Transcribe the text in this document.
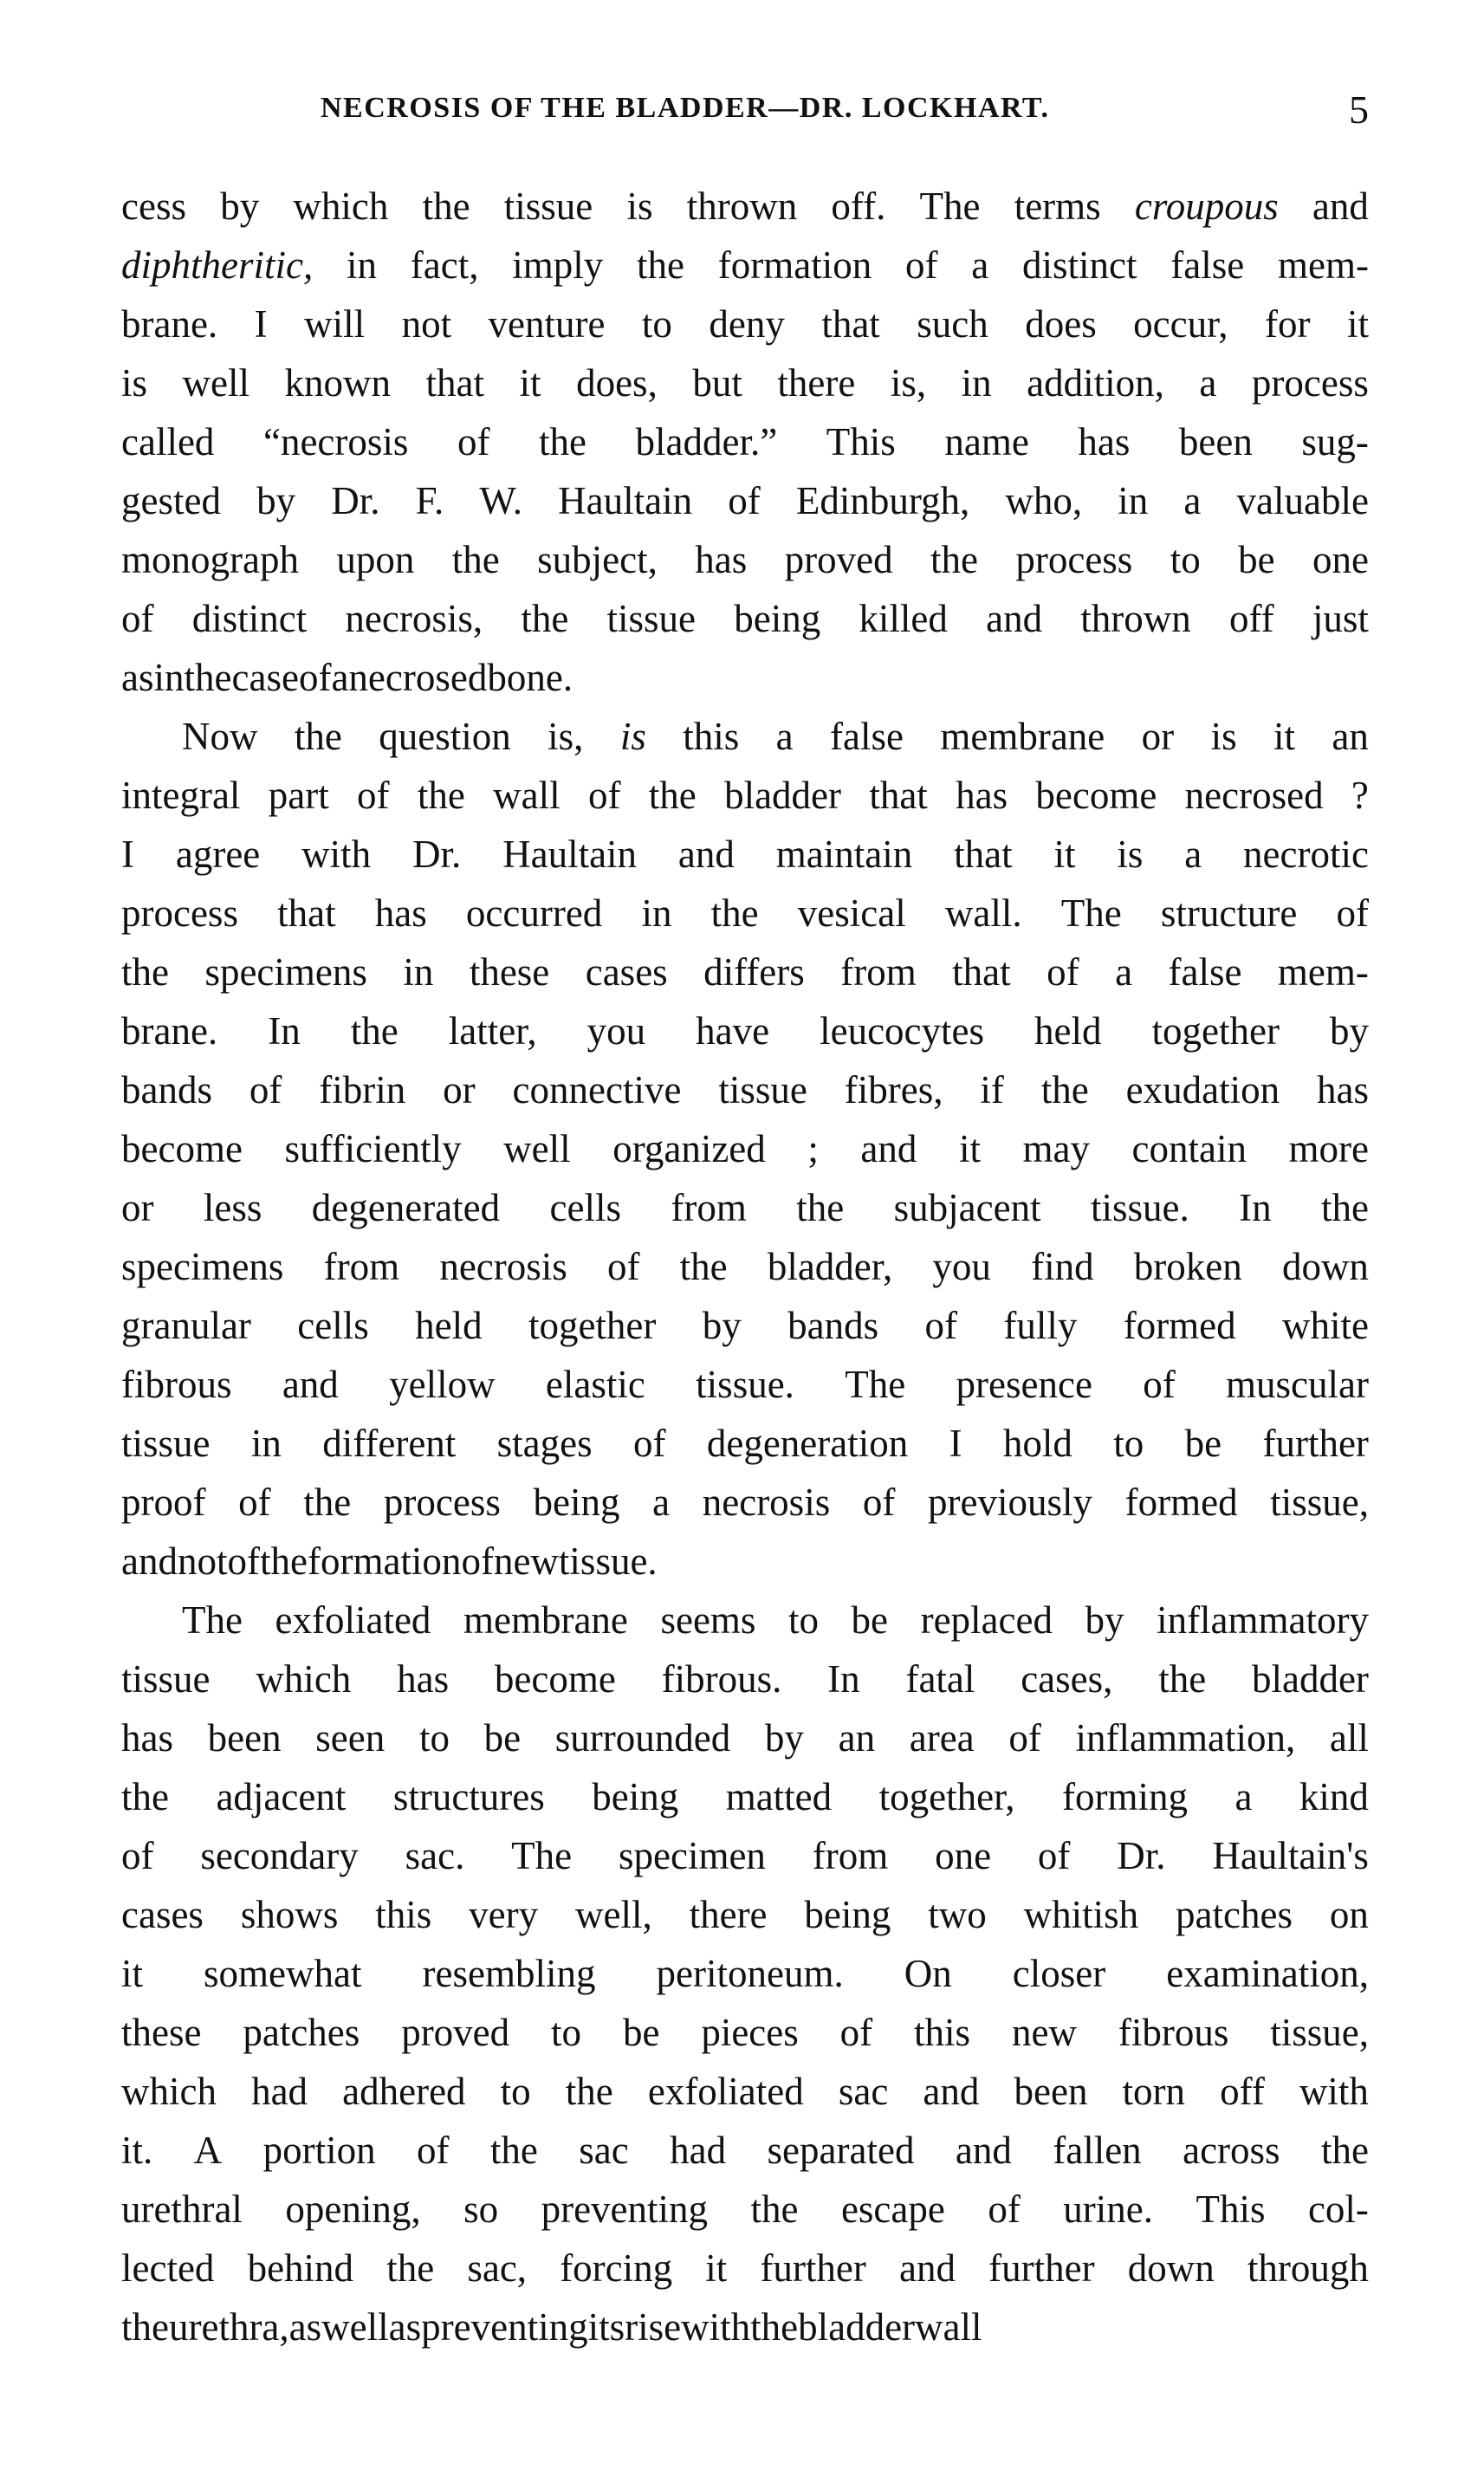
NECROSIS OF THE BLADDER—DR. LOCKHART.	5
cess by which the tissue is thrown off. The terms croupous and
diphtheritic, in fact, imply the formation of a distinct false mem-
brane. I will not venture to deny that such does occur, for it
is well known that it does, but there is, in addition, a process
called “necrosis of the bladder.” This name has been sug-
gested by Dr. F. W. Haultain of Edinburgh, who, in a valuable
monograph upon the subject, has proved the process to be one
of distinct necrosis, the tissue being killed and thrown off just
as in the case of a necrosed bone.
Now the question is, is this a false membrane or is it an
integral part of the wall of the bladder that has become necrosed ?
I agree with Dr. Haultain and maintain that it is a necrotic
process that has occurred in the vesical wall. The structure of
the specimens in these cases differs from that of a false mem-
brane. In the latter, you have leucocytes held together by
bands of fibrin or connective tissue fibres, if the exudation has
become sufficiently well organized ; and it may contain more
or less degenerated cells from the subjacent tissue. In the
specimens from necrosis of the bladder, you find broken down
granular cells held together by bands of fully formed white
fibrous and yellow elastic tissue. The presence of muscular
tissue in different stages of degeneration I hold to be further
proof of the process being a necrosis of previously formed tissue,
and not of the formation of new tissue.
The exfoliated membrane seems to be replaced by inflammatory
tissue which has become fibrous. In fatal cases, the bladder
has been seen to be surrounded by an area of inflammation, all
the adjacent structures being matted together, forming a kind
of secondary sac. The specimen from one of Dr. Haultain's
cases shows this very well, there being two whitish patches on
it somewhat resembling peritoneum. On closer examination,
these patches proved to be pieces of this new fibrous tissue,
which had adhered to the exfoliated sac and been torn off with
it. A portion of the sac had separated and fallen across the
urethral opening, so preventing the escape of urine. This col-
lected behind the sac, forcing it further and further down through
the urethra, as well as preventing its rise with the bladder wall
